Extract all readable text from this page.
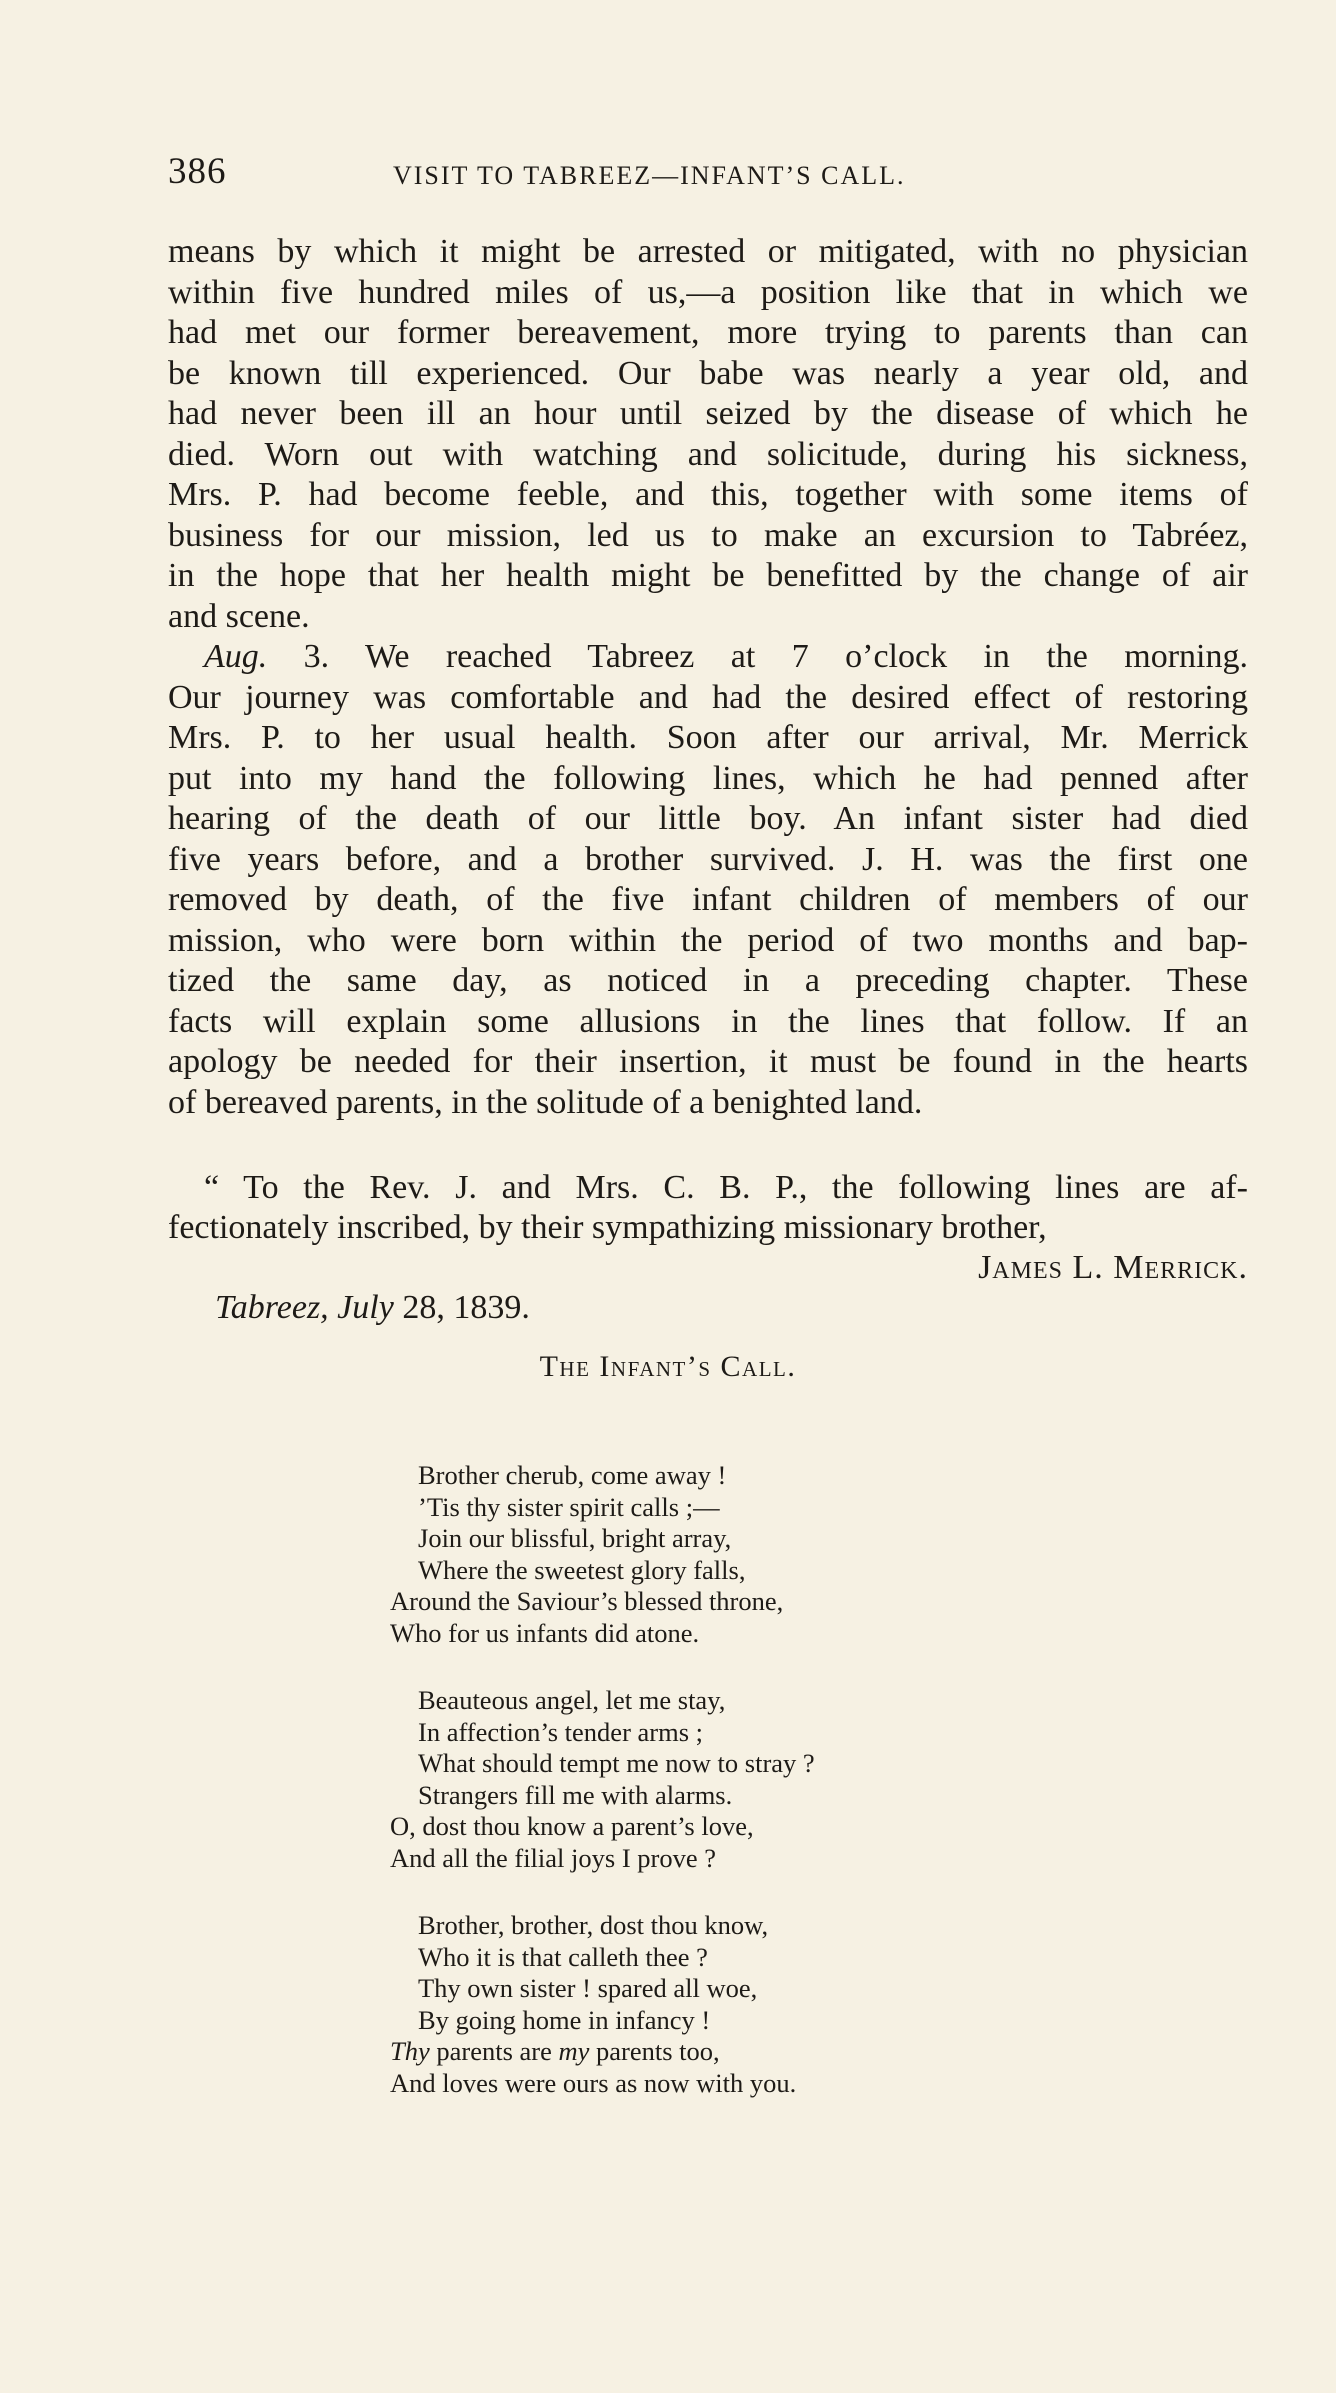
386	VISIT TO TABREEZ—INFANT’S CALL.
means by which it might be arrested or mitigated, with no physician
within five hundred miles of us,—a position like that in which we
had met our former bereavement, more trying to parents than can
be known till experienced. Our babe was nearly a year old, and
had never been ill an hour until seized by the disease of which he
died. Worn out with watching and solicitude, during his sickness,
Mrs. P. had become feeble, and this, together with some items of
business for our mission, led us to make an excursion to Tabréez,
in the hope that her health might be benefitted by the change of air
and scene.
Aug. 3. We reached Tabreez at 7 o’clock in the morning.
Our journey was comfortable and had the desired effect of restoring
Mrs. P. to her usual health. Soon after our arrival, Mr. Merrick
put into my hand the following lines, which he had penned after
hearing of the death of our little boy. An infant sister had died
five years before, and a brother survived. J. H. was the first one
removed by death, of the five infant children of members of our
mission, who were born within the period of two months and bap-
tized the same day, as noticed in a preceding chapter. These
facts will explain some allusions in the lines that follow. If an
apology be needed for their insertion, it must be found in the hearts
of bereaved parents, in the solitude of a benighted land.
“ To the Rev. J. and Mrs. C. B. P., the following lines are af-
fectionately inscribed, by their sympathizing missionary brother,
James L. Merrick.
Tabreez, July 28, 1839.
The Infant’s Call.
Brother cherub, come away !
’Tis thy sister spirit calls ;—
Join our blissful, bright array,
Where the sweetest glory falls,
Around the Saviour’s blessed throne,
Who for us infants did atone.
Beauteous angel, let me stay,
In affection’s tender arms ;
What should tempt me now to stray ?
Strangers fill me with alarms.
O, dost thou know a parent’s love,
And all the filial joys I prove ?
Brother, brother, dost thou know,
Who it is that calleth thee ?
Thy own sister ! spared all woe,
By going home in infancy !
Thy parents are my parents too,
And loves were ours as now with you.
